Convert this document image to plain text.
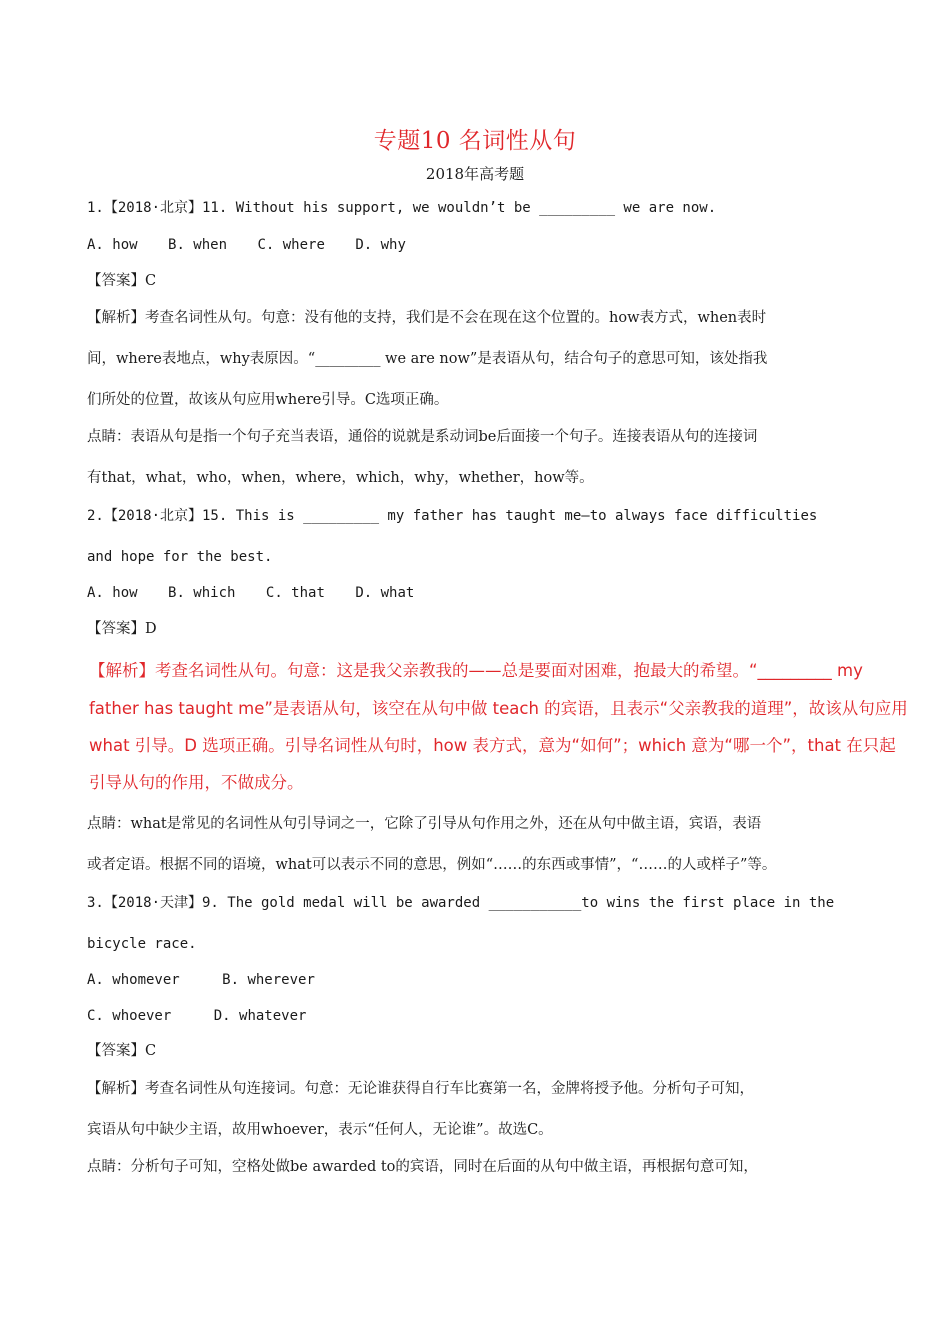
专题10 名词性从句
2018年高考题
1.【2018·北京】11. Without his support, we wouldn’t be _________ we are now.
A. how B. when C. where D. why
【答案】C
【解析】考查名词性从句。句意：没有他的支持，我们是不会在现在这个位置的。how表方式，when表时
间，where表地点，why表原因。“_________ we are now”是表语从句，结合句子的意思可知，该处指我
们所处的位置，故该从句应用where引导。C选项正确。
点睛：表语从句是指一个句子充当表语，通俗的说就是系动词be后面接一个句子。连接表语从句的连接词
有that，what，who，when，where，which，why，whether，how等。
2.【2018·北京】15. This is _________ my father has taught me—to always face difficulties
and hope for the best.
A. how B. which C. that D. what
【答案】D
【解析】考查名词性从句。句意：这是我父亲教我的——总是要面对困难，抱最大的希望。“_________ my
father has taught me”是表语从句，该空在从句中做 teach 的宾语，且表示“父亲教我的道理”，故该从句应用
what 引导。D 选项正确。引导名词性从句时，how 表方式，意为“如何”；which 意为“哪一个”，that 在只起
引导从句的作用，不做成分。
点睛：what是常见的名词性从句引导词之一，它除了引导从句作用之外，还在从句中做主语，宾语，表语
或者定语。根据不同的语境，what可以表示不同的意思，例如“……的东西或事情”，“……的人或样子”等。
3.【2018·天津】9. The gold medal will be awarded ___________to wins the first place in the
bicycle race.
A. whomever	B. wherever
C. whoever	D. whatever
【答案】C
【解析】考查名词性从句连接词。句意：无论谁获得自行车比赛第一名，金牌将授予他。分析句子可知，
宾语从句中缺少主语，故用whoever，表示“任何人，无论谁”。故选C。
点睛：分析句子可知，空格处做be awarded to的宾语，同时在后面的从句中做主语，再根据句意可知，
